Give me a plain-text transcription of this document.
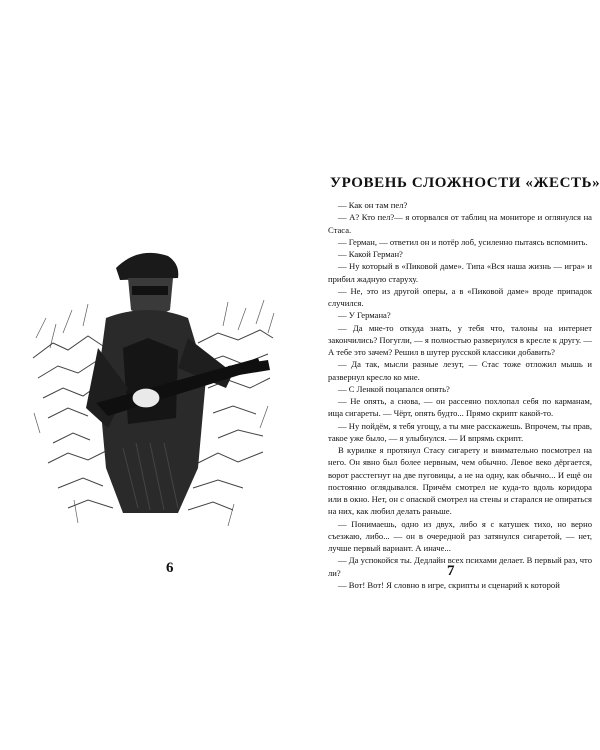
6
УРОВЕНЬ СЛОЖНОСТИ «ЖЕСТЬ»

— Как он там пел?

— А? Кто пел?— я оторвался от таблиц на мониторе и оглянулся на Стаса.

— Герман, — ответил он и потёр лоб, усиленно пытаясь вспомнить.

— Какой Герман?

— Ну который в «Пиковой даме». Типа «Вся наша жизнь — игра» и прибил жадную старуху.

— Не, это из другой оперы, а в «Пиковой даме» вроде припадок случился.

— У Германа?

— Да мне-то откуда знать, у тебя что, талоны на интернет закончились? Погугли, — я полностью развернулся в кресле к другу. — А тебе это зачем? Решил в шутер русской классики добавить?

— Да так, мысли разные лезут, — Стас тоже отложил мышь и развернул кресло ко мне.

— С Ленкой поцапался опять?

— Не опять, а снова, — он рассеяно похлопал себя по карманам, ища сигареты. — Чёрт, опять будто... Прямо скрипт какой-то.

— Ну пойдём, я тебя угощу, а ты мне расскажешь. Впрочем, ты прав, такое уже было, — я улыбнулся. — И впрямь скрипт.

В курилке я протянул Стасу сигарету и внимательно посмотрел на него. Он явно был более нервным, чем обычно. Левое веко дёргается, ворот расстегнут на две пуговицы, а не на одну, как обычно... И ещё он постоянно оглядывался. Причём смотрел не куда-то вдоль коридора или в окно. Нет, он с опаской смотрел на стены и старался не опираться на них, как любил делать раньше.

— Понимаешь, одно из двух, либо я с катушек тихо, но верно съезжаю, либо... — он в очередной раз затянулся сигаретой, — нет, лучше первый вариант. А иначе...

— Да успокойся ты. Дедлайн всех психами делает. В первый раз, что ли?

— Вот! Вот! Я словно в игре, скрипты и сценарий к которой

7
